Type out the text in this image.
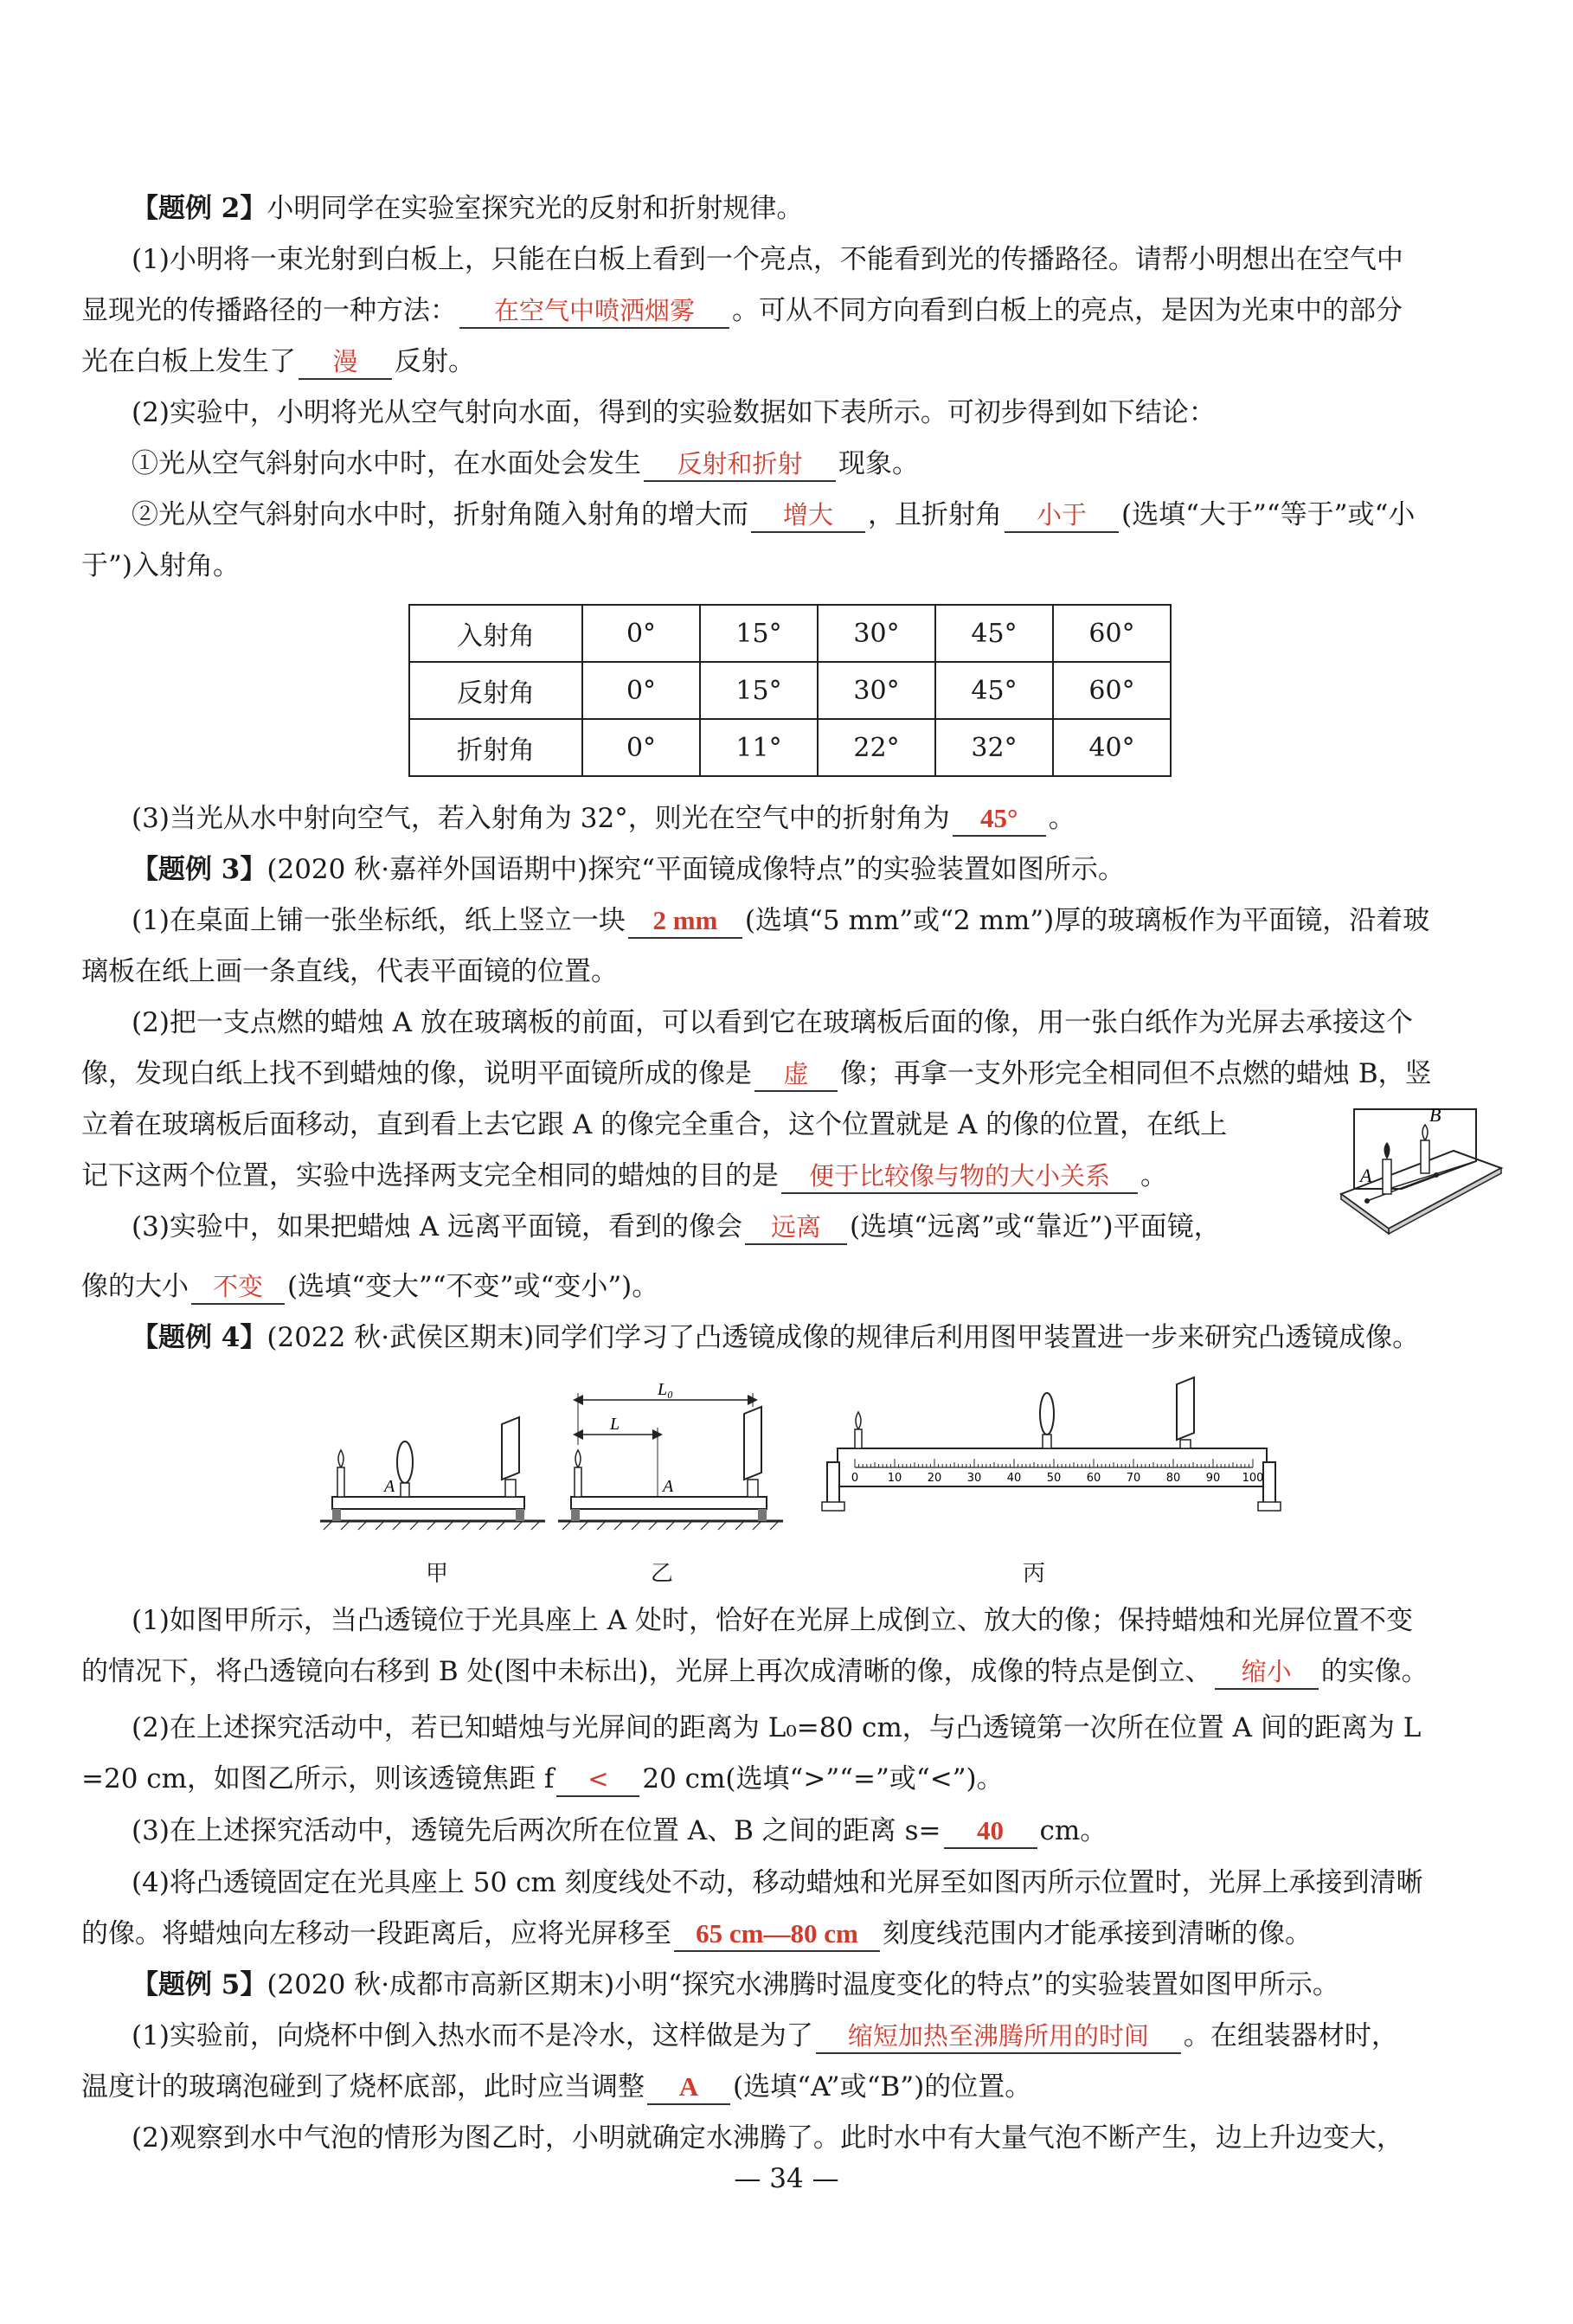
【题例 2】小明同学在实验室探究光的反射和折射规律。
(1)小明将一束光射到白板上，只能在白板上看到一个亮点，不能看到光的传播路径。请帮小明想出在空气中
显现光的传播路径的一种方法： 在空气中喷洒烟雾 。可从不同方向看到白板上的亮点，是因为光束中的部分
光在白板上发生了 漫 反射。
(2)实验中，小明将光从空气射向水面，得到的实验数据如下表所示。可初步得到如下结论：
①光从空气斜射向水中时，在水面处会发生 反射和折射 现象。
②光从空气斜射向水中时，折射角随入射角的增大而 增大 ，且折射角 小于 (选填“大于”“等于”或“小
于”)入射角。
入射角	0°	15°	30°	45°	60°
反射角	0°	15°	30°	45°	60°
折射角	0°	11°	22°	32°	40°
(3)当光从水中射向空气，若入射角为 32°，则光在空气中的折射角为 45° 。
【题例 3】(2020 秋·嘉祥外国语期中)探究“平面镜成像特点”的实验装置如图所示。
(1)在桌面上铺一张坐标纸，纸上竖立一块 2 mm (选填“5 mm”或“2 mm”)厚的玻璃板作为平面镜，沿着玻
璃板在纸上画一条直线，代表平面镜的位置。
(2)把一支点燃的蜡烛 A 放在玻璃板的前面，可以看到它在玻璃板后面的像，用一张白纸作为光屏去承接这个
像，发现白纸上找不到蜡烛的像，说明平面镜所成的像是 虚 像；再拿一支外形完全相同但不点燃的蜡烛 B，竖
立着在玻璃板后面移动，直到看上去它跟 A 的像完全重合，这个位置就是 A 的像的位置，在纸上
记下这两个位置，实验中选择两支完全相同的蜡烛的目的是 便于比较像与物的大小关系 。
(3)实验中，如果把蜡烛 A 远离平面镜，看到的像会 远离 (选填“远离”或“靠近”)平面镜，
像的大小 不变 (选填“变大”“不变”或“变小”)。
A
B
【题例 4】(2022 秋·武侯区期末)同学们学习了凸透镜成像的规律后利用图甲装置进一步来研究凸透镜成像。
A
L₀
L
A	0	10 20 30 40 50 60 70 80 90 100
甲	乙	丙
(1)如图甲所示，当凸透镜位于光具座上 A 处时，恰好在光屏上成倒立、放大的像；保持蜡烛和光屏位置不变
的情况下，将凸透镜向右移到 B 处(图中未标出)，光屏上再次成清晰的像，成像的特点是倒立、 缩小 的实像。
(2)在上述探究活动中，若已知蜡烛与光屏间的距离为 L₀=80 cm，与凸透镜第一次所在位置 A 间的距离为 L
=20 cm，如图乙所示，则该透镜焦距 f < 20 cm(选填“>”“=”或“<”)。
(3)在上述探究活动中，透镜先后两次所在位置 A、B 之间的距离 s= 40 cm。
(4)将凸透镜固定在光具座上 50 cm 刻度线处不动，移动蜡烛和光屏至如图丙所示位置时，光屏上承接到清晰
的像。将蜡烛向左移动一段距离后，应将光屏移至 65 cm—80 cm 刻度线范围内才能承接到清晰的像。
【题例 5】(2020 秋·成都市高新区期末)小明“探究水沸腾时温度变化的特点”的实验装置如图甲所示。
(1)实验前，向烧杯中倒入热水而不是冷水，这样做是为了 缩短加热至沸腾所用的时间 。在组装器材时，
温度计的玻璃泡碰到了烧杯底部，此时应当调整 A (选填“A”或“B”)的位置。
(2)观察到水中气泡的情形为图乙时，小明就确定水沸腾了。此时水中有大量气泡不断产生，边上升边变大，
— 34 —
